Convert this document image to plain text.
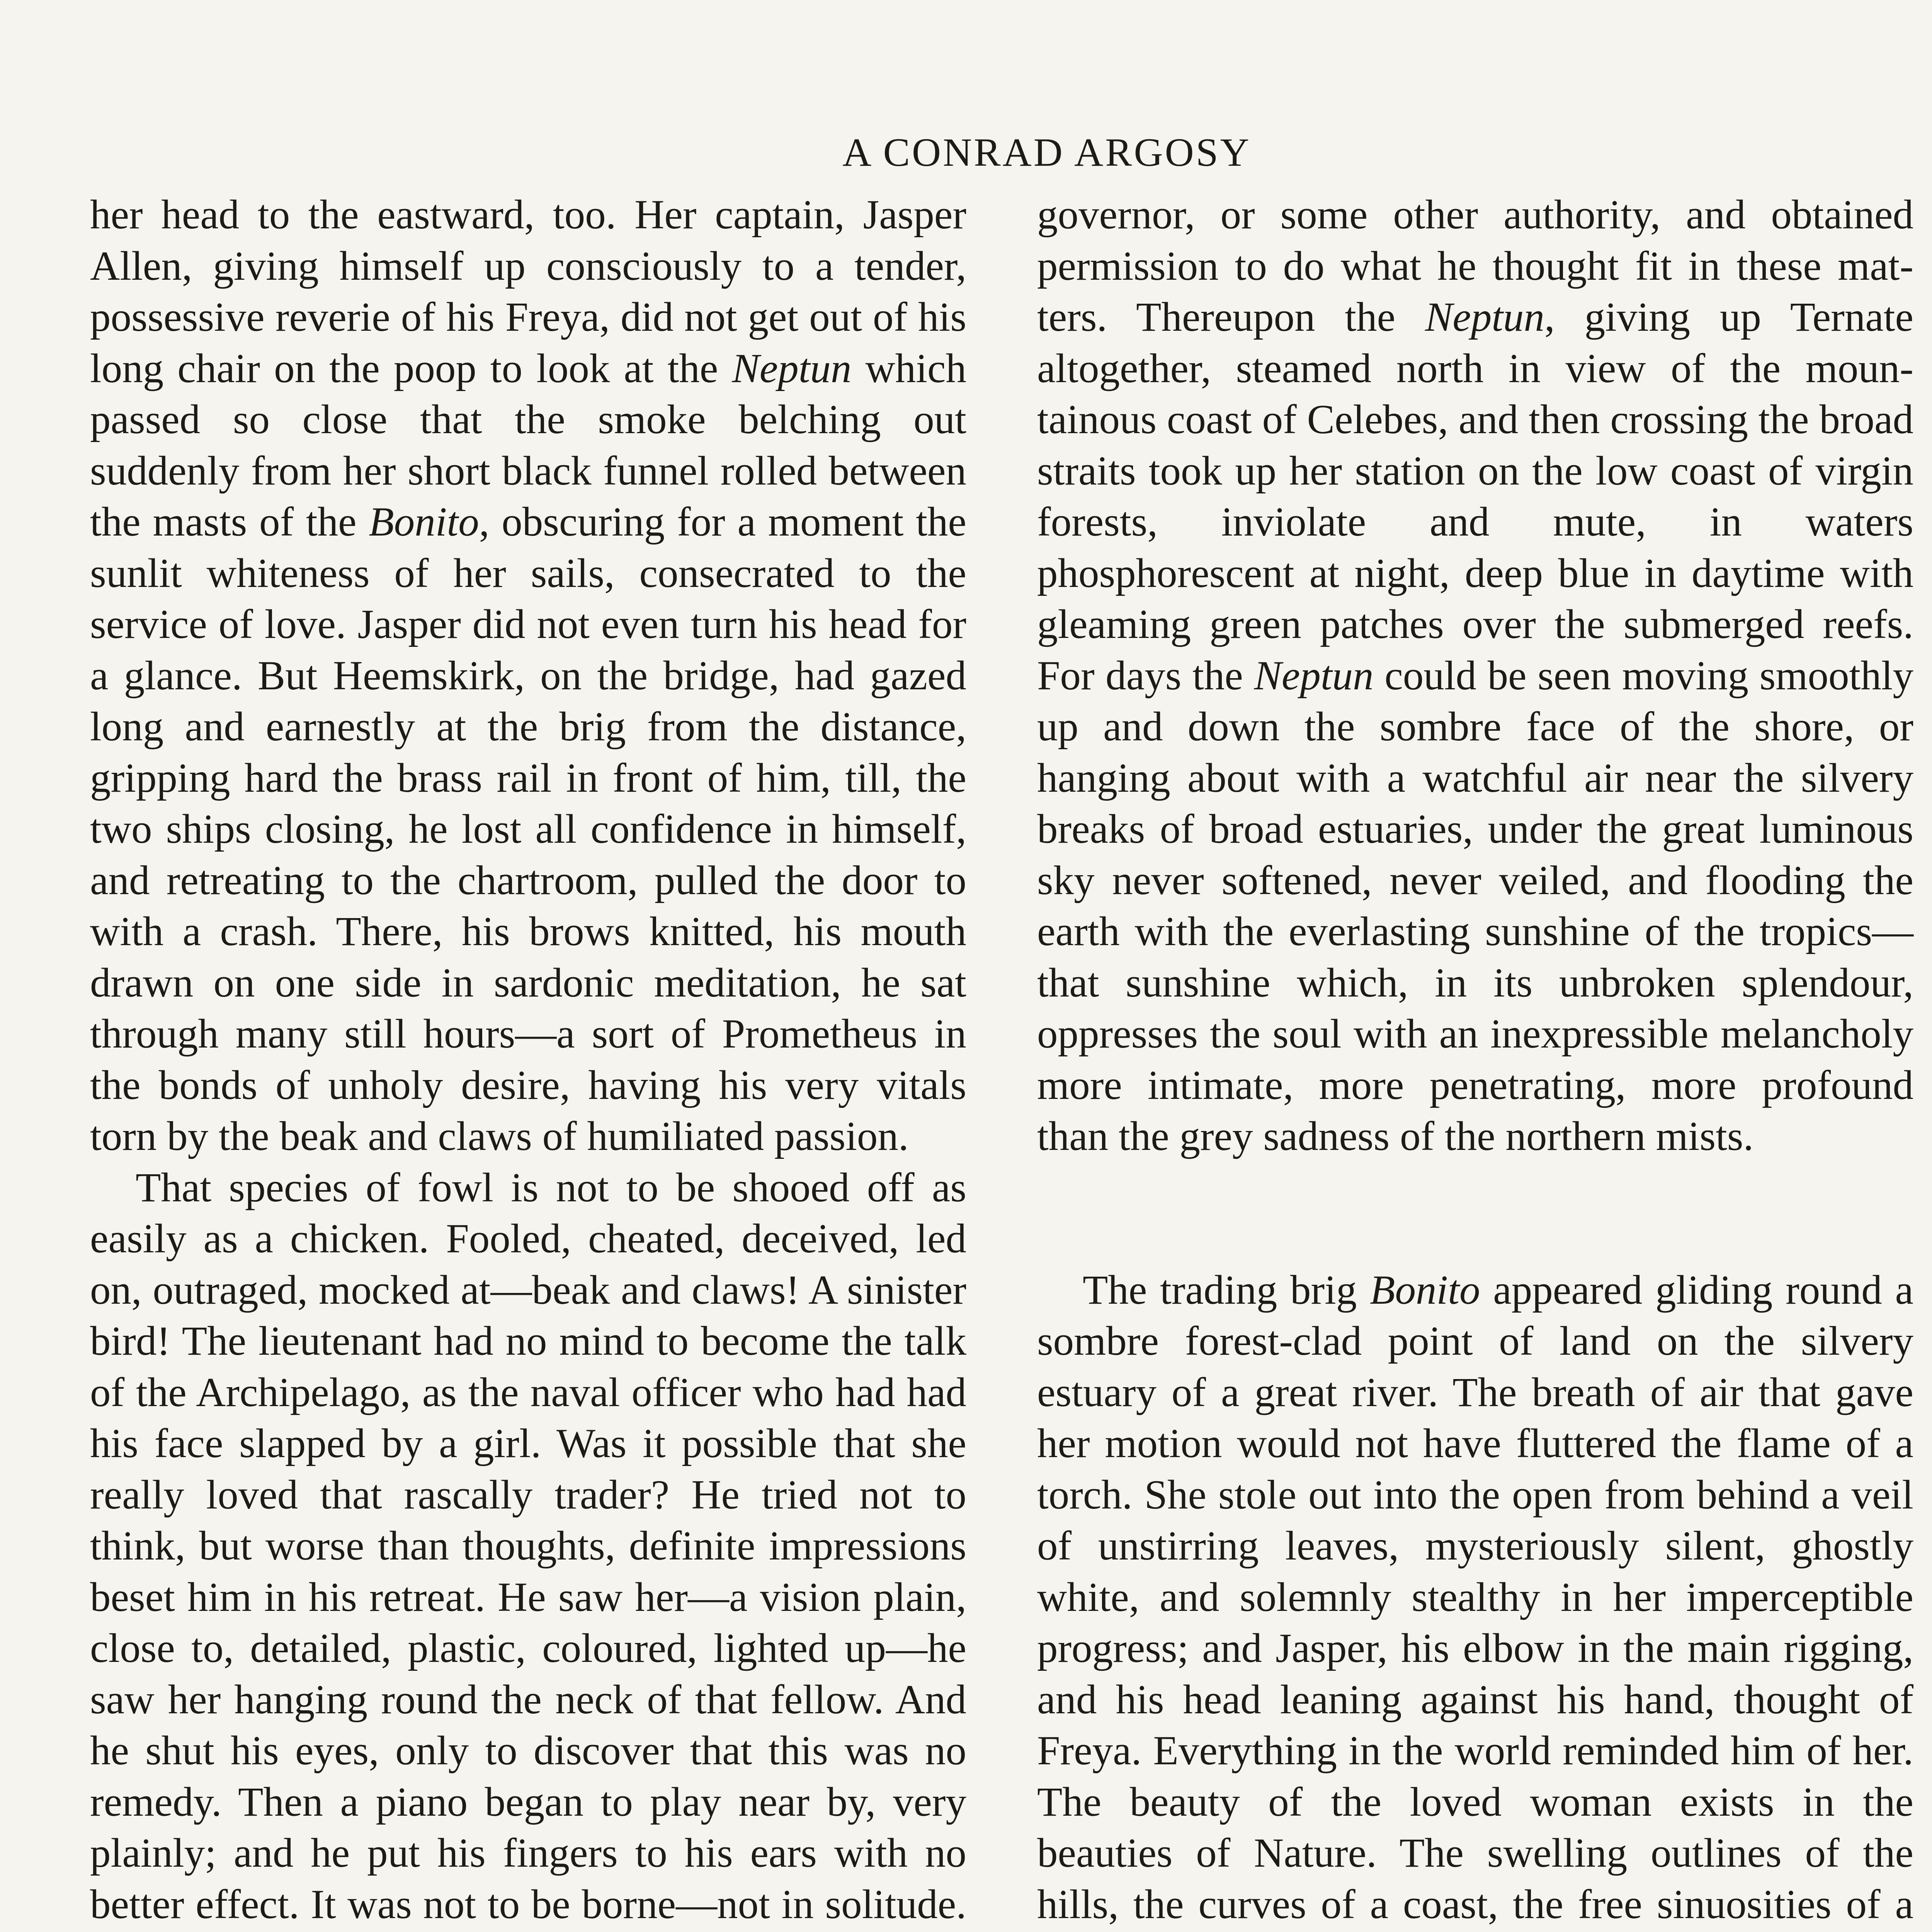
A CONRAD ARGOSY

her head to the eastward, too. Her captain, Jasper Allen, giving himself up consciously to a tender, possessive reverie of his Freya, did not get out of his long chair on the poop to look at the Neptun which passed so close that the smoke belching out suddenly from her short black funnel rolled between the masts of the Bonito, obscuring for a moment the sunlit whiteness of her sails, consecrated to the service of love. Jasper did not even turn his head for a glance. But Heemskirk, on the bridge, had gazed long and earnestly at the brig from the distance, gripping hard the brass rail in front of him, till, the two ships closing, he lost all confidence in himself, and retreating to the chartroom, pulled the door to with a crash. There, his brows knitted, his mouth drawn on one side in sardonic meditation, he sat through many still hours—a sort of Prometheus in the bonds of unholy desire, having his very vitals torn by the beak and claws of humiliated passion.

That species of fowl is not to be shooed off as easily as a chicken. Fooled, cheated, deceived, led on, outraged, mocked at—beak and claws! A sinister bird! The lieutenant had no mind to become the talk of the Archipelago, as the naval officer who had had his face slapped by a girl. Was it possible that she really loved that rascally trader? He tried not to think, but worse than thoughts, definite impressions beset him in his retreat. He saw her—a vision plain, close to, detailed, plastic, coloured, lighted up—he saw her hanging round the neck of that fellow. And he shut his eyes, only to discover that this was no remedy. Then a piano began to play near by, very plainly; and he put his fingers to his ears with no better effect. It was not to be borne—not in solitude.

governor, or some other authority, and obtained permission to do what he thought fit in these matters. Thereupon the Neptun, giving up Ternate altogether, steamed north in view of the mountainous coast of Celebes, and then crossing the broad straits took up her station on the low coast of virgin forests, inviolate and mute, in waters phosphorescent at night, deep blue in daytime with gleaming green patches over the submerged reefs. For days the Neptun could be seen moving smoothly up and down the sombre face of the shore, or hanging about with a watchful air near the silvery breaks of broad estuaries, under the great luminous sky never softened, never veiled, and flooding the earth with the everlasting sunshine of the tropics—that sunshine which, in its unbroken splendour, oppresses the soul with an inexpressible melancholy more intimate, more penetrating, more profound than the grey sadness of the northern mists.

The trading brig Bonito appeared gliding round a sombre forest-clad point of land on the silvery estuary of a great river. The breath of air that gave her motion would not have fluttered the flame of a torch. She stole out into the open from behind a veil of unstirring leaves, mysteriously silent, ghostly white, and solemnly stealthy in her imperceptible progress; and Jasper, his elbow in the main rigging, and his head leaning against his hand, thought of Freya. Everything in the world reminded him of her. The beauty of the loved woman exists in the beauties of Nature. The swelling outlines of the hills, the curves of a coast, the free sinuosities of a
